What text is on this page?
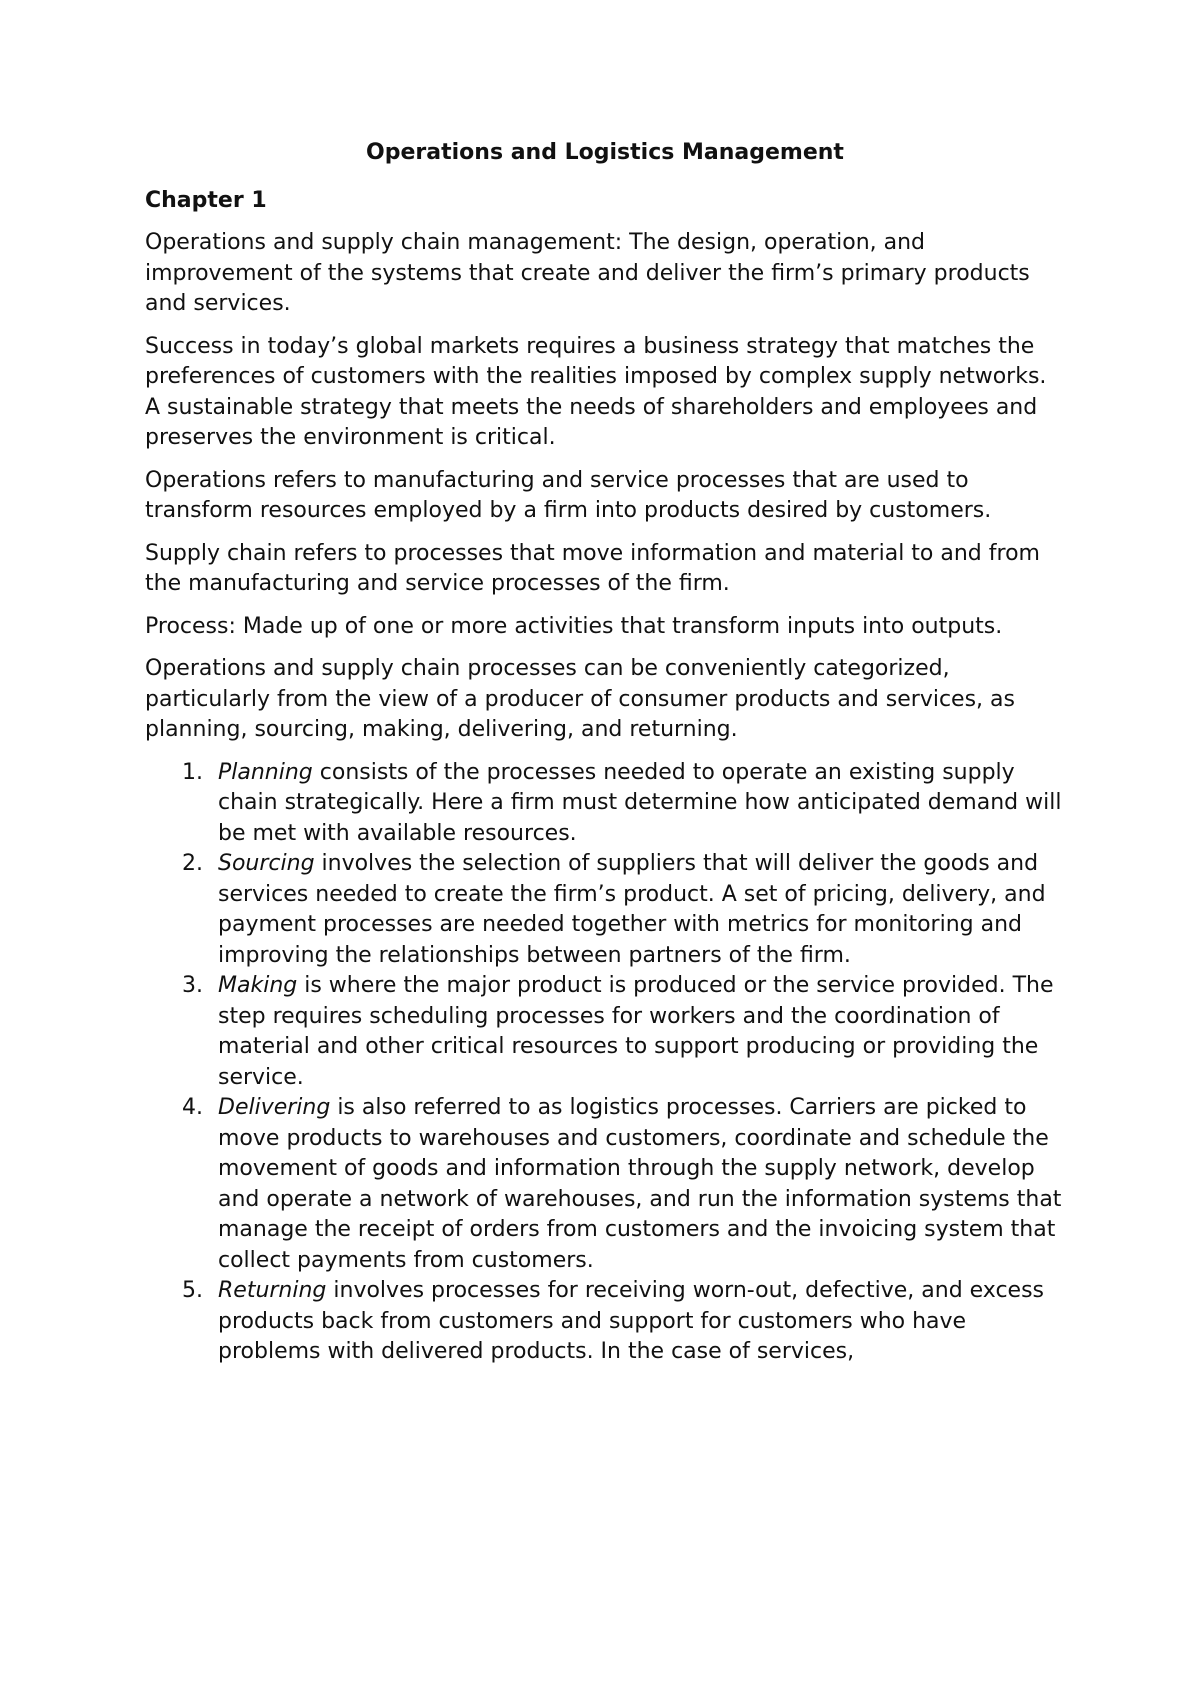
Operations and Logistics Management
Chapter 1

Operations and supply chain management: The design, operation, and improvement of the systems that create and deliver the firm’s primary products and services.

Success in today’s global markets requires a business strategy that matches the preferences of customers with the realities imposed by complex supply networks. A sustainable strategy that meets the needs of shareholders and employees and preserves the environment is critical.

Operations refers to manufacturing and service processes that are used to transform resources employed by a firm into products desired by customers.

Supply chain refers to processes that move information and material to and from the manufacturing and service processes of the firm.

Process: Made up of one or more activities that transform inputs into outputs.

Operations and supply chain processes can be conveniently categorized, particularly from the view of a producer of consumer products and services, as planning, sourcing, making, delivering, and returning.

1. Planning consists of the processes needed to operate an existing supply chain strategically. Here a firm must determine how anticipated demand will be met with available resources.
2. Sourcing involves the selection of suppliers that will deliver the goods and services needed to create the firm’s product. A set of pricing, delivery, and payment processes are needed together with metrics for monitoring and improving the relationships between partners of the firm.
3. Making is where the major product is produced or the service provided. The step requires scheduling processes for workers and the coordination of material and other critical resources to support producing or providing the service.
4. Delivering is also referred to as logistics processes. Carriers are picked to move products to warehouses and customers, coordinate and schedule the movement of goods and information through the supply network, develop and operate a network of warehouses, and run the information systems that manage the receipt of orders from customers and the invoicing system that collect payments from customers.
5. Returning involves processes for receiving worn-out, defective, and excess products back from customers and support for customers who have problems with delivered products. In the case of services,
